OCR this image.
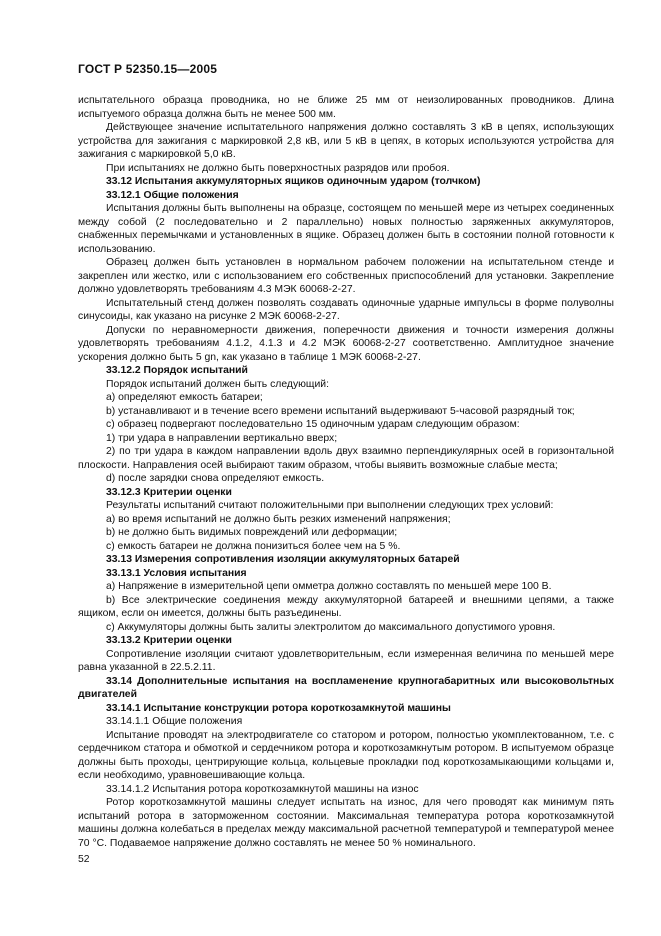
ГОСТ Р 52350.15—2005

испытательного образца проводника, но не ближе 25 мм от неизолированных проводников. Длина испытуемого образца должна быть не менее 500 мм.

Действующее значение испытательного напряжения должно составлять 3 кВ в цепях, использующих устройства для зажигания с маркировкой 2,8 кВ, или 5 кВ в цепях, в которых используются устройства для зажигания с маркировкой 5,0 кВ.

При испытаниях не должно быть поверхностных разрядов или пробоя.

33.12 Испытания аккумуляторных ящиков одиночным ударом (толчком)

33.12.1 Общие положения

Испытания должны быть выполнены на образце, состоящем по меньшей мере из четырех соединенных между собой (2 последовательно и 2 параллельно) новых полностью заряженных аккумуляторов, снабженных перемычками и установленных в ящике. Образец должен быть в состоянии полной готовности к использованию.

Образец должен быть установлен в нормальном рабочем положении на испытательном стенде и закреплен или жестко, или с использованием его собственных приспособлений для установки. Закрепление должно удовлетворять требованиям 4.3 МЭК 60068-2-27.

Испытательный стенд должен позволять создавать одиночные ударные импульсы в форме полуволны синусоиды, как указано на рисунке 2 МЭК 60068-2-27.

Допуски по неравномерности движения, поперечности движения и точности измерения должны удовлетворять требованиям 4.1.2, 4.1.3 и 4.2 МЭК 60068-2-27 соответственно. Амплитудное значение ускорения должно быть 5 gn, как указано в таблице 1 МЭК 60068-2-27.

33.12.2 Порядок испытаний

Порядок испытаний должен быть следующий:

a) определяют емкость батареи;

b) устанавливают и в течение всего времени испытаний выдерживают 5-часовой разрядный ток;

c) образец подвергают последовательно 15 одиночным ударам следующим образом:

1) три удара в направлении вертикально вверх;

2) по три удара в каждом направлении вдоль двух взаимно перпендикулярных осей в горизонтальной плоскости. Направления осей выбирают таким образом, чтобы выявить возможные слабые места;

d) после зарядки снова определяют емкость.

33.12.3 Критерии оценки

Результаты испытаний считают положительными при выполнении следующих трех условий:

a) во время испытаний не должно быть резких изменений напряжения;

b) не должно быть видимых повреждений или деформации;

c) емкость батареи не должна понизиться более чем на 5 %.

33.13 Измерения сопротивления изоляции аккумуляторных батарей

33.13.1 Условия испытания

a) Напряжение в измерительной цепи омметра должно составлять по меньшей мере 100 В.

b) Все электрические соединения между аккумуляторной батареей и внешними цепями, а также ящиком, если он имеется, должны быть разъединены.

c) Аккумуляторы должны быть залиты электролитом до максимального допустимого уровня.

33.13.2 Критерии оценки

Сопротивление изоляции считают удовлетворительным, если измеренная величина по меньшей мере равна указанной в 22.5.2.11.

33.14 Дополнительные испытания на воспламенение крупногабаритных или высоковольтных двигателей

33.14.1 Испытание конструкции ротора короткозамкнутой машины

33.14.1.1 Общие положения

Испытание проводят на электродвигателе со статором и ротором, полностью укомплектованном, т.е. с сердечником статора и обмоткой и сердечником ротора и короткозамкнутым ротором. В испытуемом образце должны быть проходы, центрирующие кольца, кольцевые прокладки под короткозамыкающими кольцами и, если необходимо, уравновешивающие кольца.

33.14.1.2 Испытания ротора короткозамкнутой машины на износ

Ротор короткозамкнутой машины следует испытать на износ, для чего проводят как минимум пять испытаний ротора в заторможенном состоянии. Максимальная температура ротора короткозамкнутой машины должна колебаться в пределах между максимальной расчетной температурой и температурой менее 70 °С. Подаваемое напряжение должно составлять не менее 50 % номинального.

52
